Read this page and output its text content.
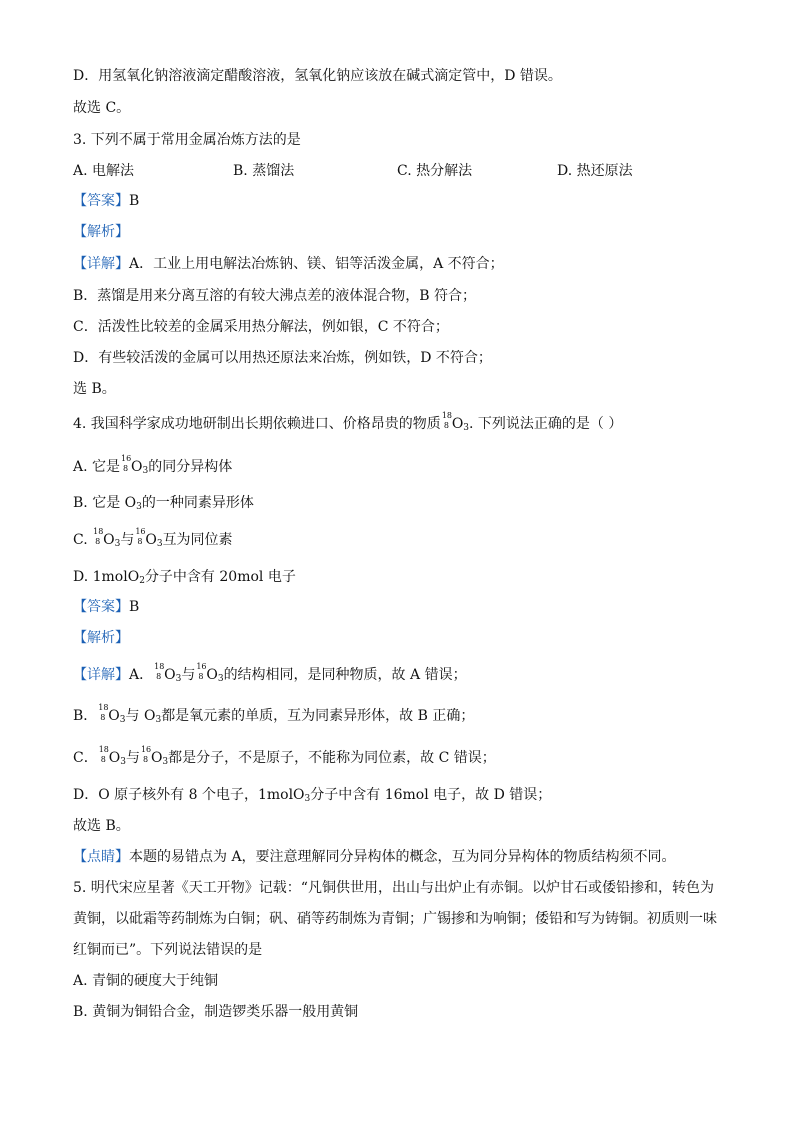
D．用氢氧化钠溶液滴定醋酸溶液，氢氧化钠应该放在碱式滴定管中，D 错误。
故选 C。
3. 下列不属于常用金属冶炼方法的是
A. 电解法	B. 蒸馏法	C. 热分解法	D. 热还原法
【答案】B
【解析】
【详解】A．工业上用电解法冶炼钠、镁、铝等活泼金属，A 不符合；
B．蒸馏是用来分离互溶的有较大沸点差的液体混合物，B 符合；
C．活泼性比较差的金属采用热分解法，例如银，C 不符合；
D．有些较活泼的金属可以用热还原法来冶炼，例如铁，D 不符合；
选 B。
4. 我国科学家成功地研制出长期依赖进口、价格昂贵的物质
18
8 $O_3$. 下列说法正确的是（ ）
A. 它是
16
8 $O_3$的同分异构体
B. 它是 $O_3$的一种同素异形体
C.
18
8 $O_3$与
16
8 $O_3$互为同位素
D. 1molO$_2$分子中含有 20mol 电子
【答案】B
【解析】
【详解】A．
18
8 $O_3$与
16
8 $O_3$的结构相同，是同种物质，故 A 错误；
B．
18
8 $O_3$与 $O_3$都是氧元素的单质，互为同素异形体，故 B 正确；
C．
18
8 $O_3$与
16
8 $O_3$都是分子，不是原子，不能称为同位素，故 C 错误；
D．O 原子核外有 8 个电子，1molO$_3$分子中含有 16mol 电子，故 D 错误；
故选 B。
【点睛】本题的易错点为 A，要注意理解同分异构体的概念，互为同分异构体的物质结构须不同。
5. 明代宋应星著《天工开物》记载：“凡铜供世用，出山与出炉止有赤铜。以炉甘石或倭铅掺和，转色为
黄铜，以砒霜等药制炼为白铜；矾、硝等药制炼为青铜；广锡掺和为响铜；倭铅和写为铸铜。初质则一味
红铜而已”。下列说法错误的是
A. 青铜的硬度大于纯铜
B. 黄铜为铜铅合金，制造锣类乐器一般用黄铜
